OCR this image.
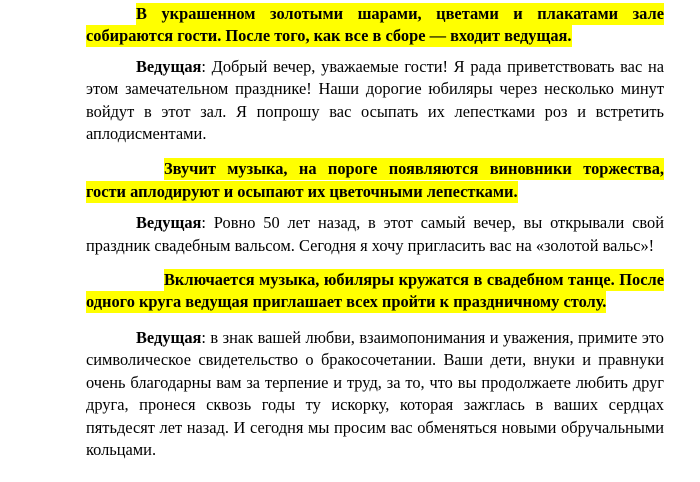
В украшенном золотыми шарами, цветами и плакатами зале собираются гости. После того, как все в сборе — входит ведущая.

Ведущая: Добрый вечер, уважаемые гости! Я рада приветствовать вас на этом замечательном празднике! Наши дорогие юбиляры через несколько минут войдут в этот зал. Я попрошу вас осыпать их лепестками роз и встретить аплодисментами.

Звучит музыка, на пороге появляются виновники торжества, гости аплодируют и осыпают их цветочными лепестками.

Ведущая: Ровно 50 лет назад, в этот самый вечер, вы открывали свой праздник свадебным вальсом. Сегодня я хочу пригласить вас на «золотой вальс»!

Включается музыка, юбиляры кружатся в свадебном танце. После одного круга ведущая приглашает всех пройти к праздничному столу.

Ведущая: в знак вашей любви, взаимопонимания и уважения, примите это символическое свидетельство о бракосочетании. Ваши дети, внуки и правнуки очень благодарны вам за терпение и труд, за то, что вы продолжаете любить друг друга, пронеся сквозь годы ту искорку, которая зажглась в ваших сердцах пятьдесят лет назад. И сегодня мы просим вас обменяться новыми обручальными кольцами.
